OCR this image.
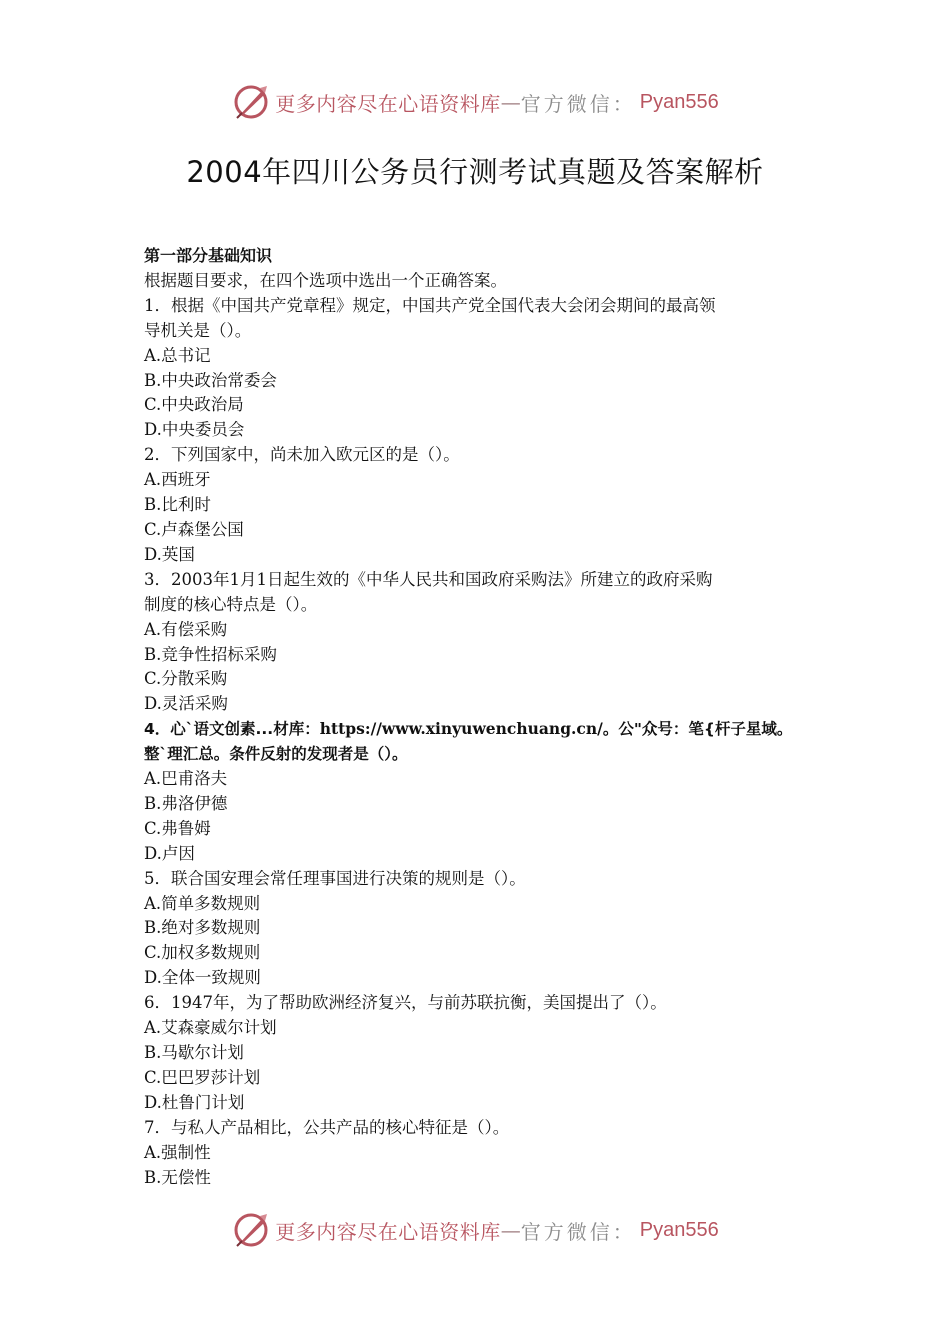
更多内容尽在心语资料库 — 官方微信： Pyan556
2004年四川公务员行测考试真题及答案解析
第一部分基础知识
根据题目要求，在四个选项中选出一个正确答案。
1．根据《中国共产党章程》规定，中国共产党全国代表大会闭会期间的最高领
导机关是（）。
A.总书记
B.中央政治常委会
C.中央政治局
D.中央委员会
2．下列国家中，尚未加入欧元区的是（）。
A.西班牙
B.比利时
C.卢森堡公国
D.英国
3．2003年1月1日起生效的《中华人民共和国政府采购法》所建立的政府采购
制度的核心特点是（）。
A.有偿采购
B.竞争性招标采购
C.分散采购
D.灵活采购
4．心`语文创素...材库：https://www.xinyuwenchuang.cn/。公"众号：笔{杆子星域。
整`理汇总。条件反射的发现者是（）。
A.巴甫洛夫
B.弗洛伊德
C.弗鲁姆
D.卢因
5．联合国安理会常任理事国进行决策的规则是（）。
A.简单多数规则
B.绝对多数规则
C.加权多数规则
D.全体一致规则
6．1947年，为了帮助欧洲经济复兴，与前苏联抗衡，美国提出了（）。
A.艾森豪威尔计划
B.马歇尔计划
C.巴巴罗莎计划
D.杜鲁门计划
7．与私人产品相比，公共产品的核心特征是（）。
A.强制性
B.无偿性
更多内容尽在心语资料库 — 官方微信： Pyan556
